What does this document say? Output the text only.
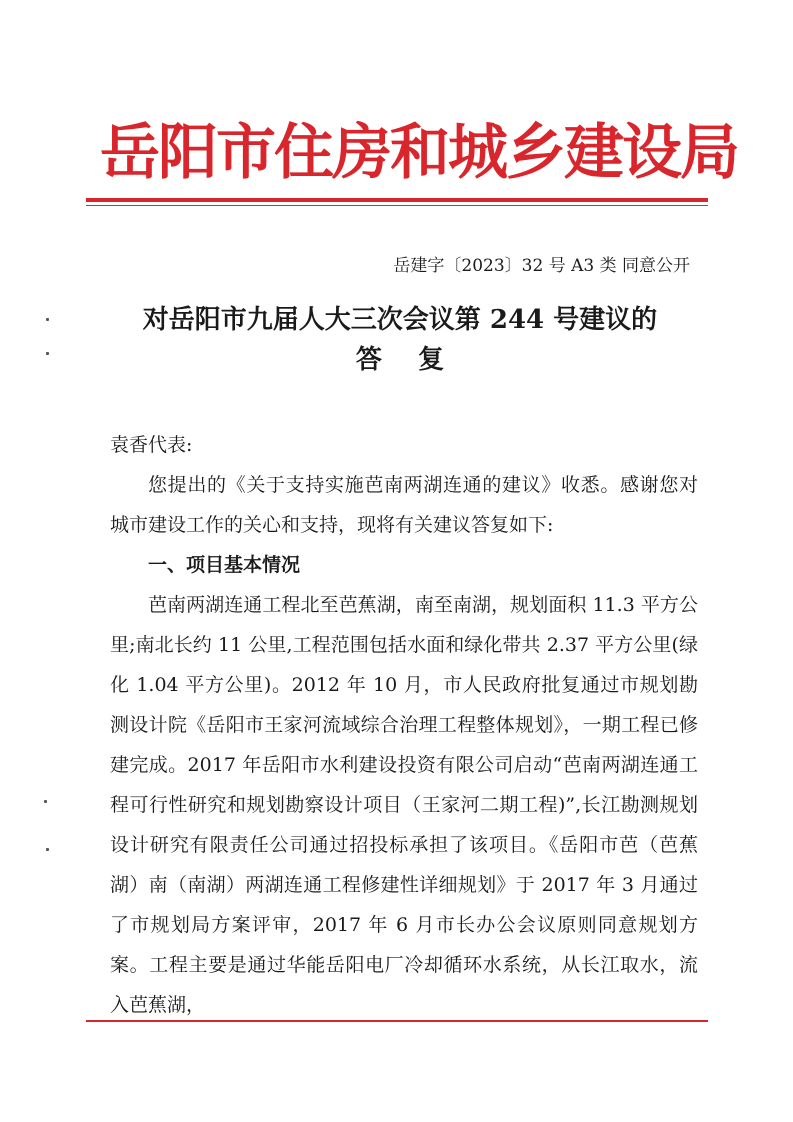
岳阳市住房和城乡建设局
岳建字〔2023〕32 号 A3 类 同意公开
对岳阳市九届人大三次会议第 244 号建议的
答    复
袁香代表:

您提出的《关于支持实施芭南两湖连通的建议》收悉。感谢您对城市建设工作的关心和支持，现将有关建议答复如下:

一、项目基本情况

芭南两湖连通工程北至芭蕉湖，南至南湖，规划面积 11.3 平方公里;南北长约 11 公里,工程范围包括水面和绿化带共 2.37 平方公里(绿化 1.04 平方公里)。2012 年 10 月，市人民政府批复通过市规划勘测设计院《岳阳市王家河流域综合治理工程整体规划》，一期工程已修建完成。2017 年岳阳市水利建设投资有限公司启动“芭南两湖连通工程可行性研究和规划勘察设计项目（王家河二期工程)”,长江勘测规划设计研究有限责任公司通过招投标承担了该项目。《岳阳市芭（芭蕉湖）南（南湖）两湖连通工程修建性详细规划》于 2017 年 3 月通过了市规划局方案评审，2017 年 6 月市长办公会议原则同意规划方案。工程主要是通过华能岳阳电厂冷却循环水系统，从长江取水，流入芭蕉湖，
